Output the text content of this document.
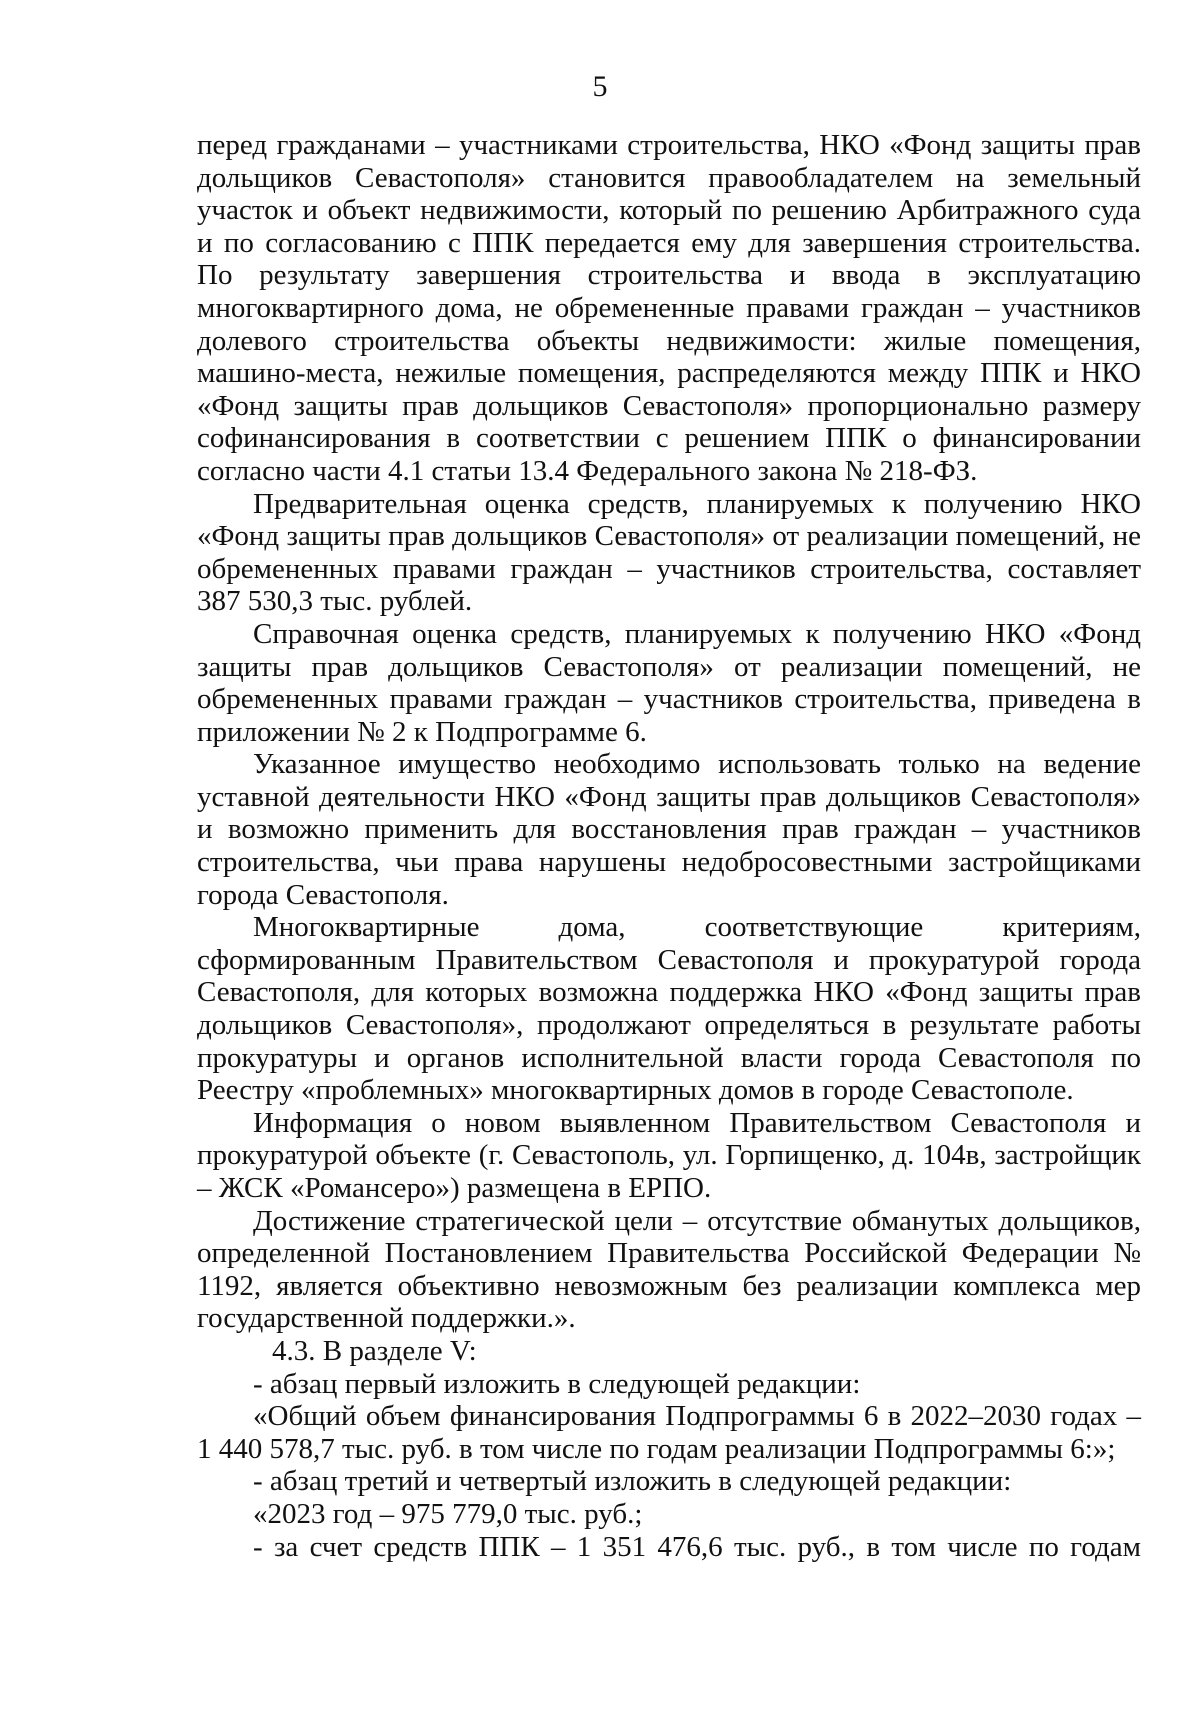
5

перед гражданами – участниками строительства, НКО «Фонд защиты прав дольщиков Севастополя» становится правообладателем на земельный участок и объект недвижимости, который по решению Арбитражного суда и по согласованию с ППК передается ему для завершения строительства. По результату завершения строительства и ввода в эксплуатацию многоквартирного дома, не обремененные правами граждан – участников долевого строительства объекты недвижимости: жилые помещения, машино-места, нежилые помещения, распределяются между ППК и НКО «Фонд защиты прав дольщиков Севастополя» пропорционально размеру софинансирования в соответствии с решением ППК о финансировании согласно части 4.1 статьи 13.4 Федерального закона № 218-ФЗ.

Предварительная оценка средств, планируемых к получению НКО «Фонд защиты прав дольщиков Севастополя» от реализации помещений, не обремененных правами граждан – участников строительства, составляет 387 530,3 тыс. рублей.

Справочная оценка средств, планируемых к получению НКО «Фонд защиты прав дольщиков Севастополя» от реализации помещений, не обремененных правами граждан – участников строительства, приведена в приложении № 2 к Подпрограмме 6.

Указанное имущество необходимо использовать только на ведение уставной деятельности НКО «Фонд защиты прав дольщиков Севастополя» и возможно применить для восстановления прав граждан – участников строительства, чьи права нарушены недобросовестными застройщиками города Севастополя.

Многоквартирные дома, соответствующие критериям, сформированным Правительством Севастополя и прокуратурой города Севастополя, для которых возможна поддержка НКО «Фонд защиты прав дольщиков Севастополя», продолжают определяться в результате работы прокуратуры и органов исполнительной власти города Севастополя по Реестру «проблемных» многоквартирных домов в городе Севастополе.

Информация о новом выявленном Правительством Севастополя и прокуратурой объекте (г. Севастополь, ул. Горпищенко, д. 104в, застройщик – ЖСК «Романсеро») размещена в ЕРПО.

Достижение стратегической цели – отсутствие обманутых дольщиков, определенной Постановлением Правительства Российской Федерации № 1192, является объективно невозможным без реализации комплекса мер государственной поддержки.».

4.3. В разделе V:

- абзац первый изложить в следующей редакции:

«Общий объем финансирования Подпрограммы 6 в 2022–2030 годах – 1 440 578,7 тыс. руб. в том числе по годам реализации Подпрограммы 6:»;

- абзац третий и четвертый изложить в следующей редакции:

«2023 год – 975 779,0 тыс. руб.;

- за счет средств ППК – 1 351 476,6 тыс. руб., в том числе по годам
